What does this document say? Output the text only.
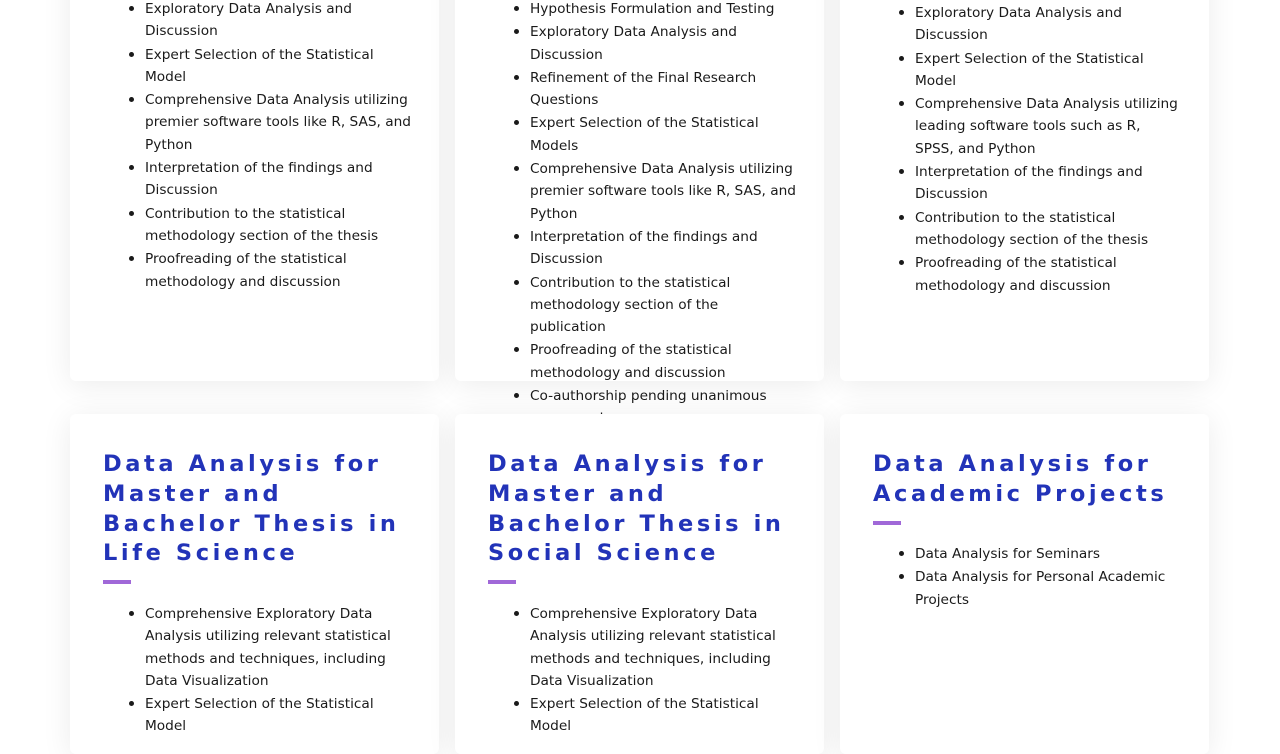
• Exploratory Data Analysis and Discussion
• Expert Selection of the Statistical Model
• Comprehensive Data Analysis utilizing premier software tools like R, SAS, and Python
• Interpretation of the findings and Discussion
• Contribution to the statistical methodology section of the thesis
• Proofreading of the statistical methodology and discussion
• Hypothesis Formulation and Testing
• Exploratory Data Analysis and Discussion
• Refinement of the Final Research Questions
• Expert Selection of the Statistical Models
• Comprehensive Data Analysis utilizing premier software tools like R, SAS, and Python
• Interpretation of the findings and Discussion
• Contribution to the statistical methodology section of the publication
• Proofreading of the statistical methodology and discussion
• Co-authorship pending unanimous
• Exploratory Data Analysis and Discussion
• Expert Selection of the Statistical Model
• Comprehensive Data Analysis utilizing leading software tools such as R, SPSS, and Python
• Interpretation of the findings and Discussion
• Contribution to the statistical methodology section of the thesis
• Proofreading of the statistical methodology and discussion
Data Analysis for Master and Bachelor Thesis in Life Science
• Comprehensive Exploratory Data Analysis utilizing relevant statistical methods and techniques, including Data Visualization
• Expert Selection of the Statistical Model
Data Analysis for Master and Bachelor Thesis in Social Science
• Comprehensive Exploratory Data Analysis utilizing relevant statistical methods and techniques, including Data Visualization
• Expert Selection of the Statistical Model
Data Analysis for Academic Projects
• Data Analysis for Seminars
• Data Analysis for Personal Academic Projects
